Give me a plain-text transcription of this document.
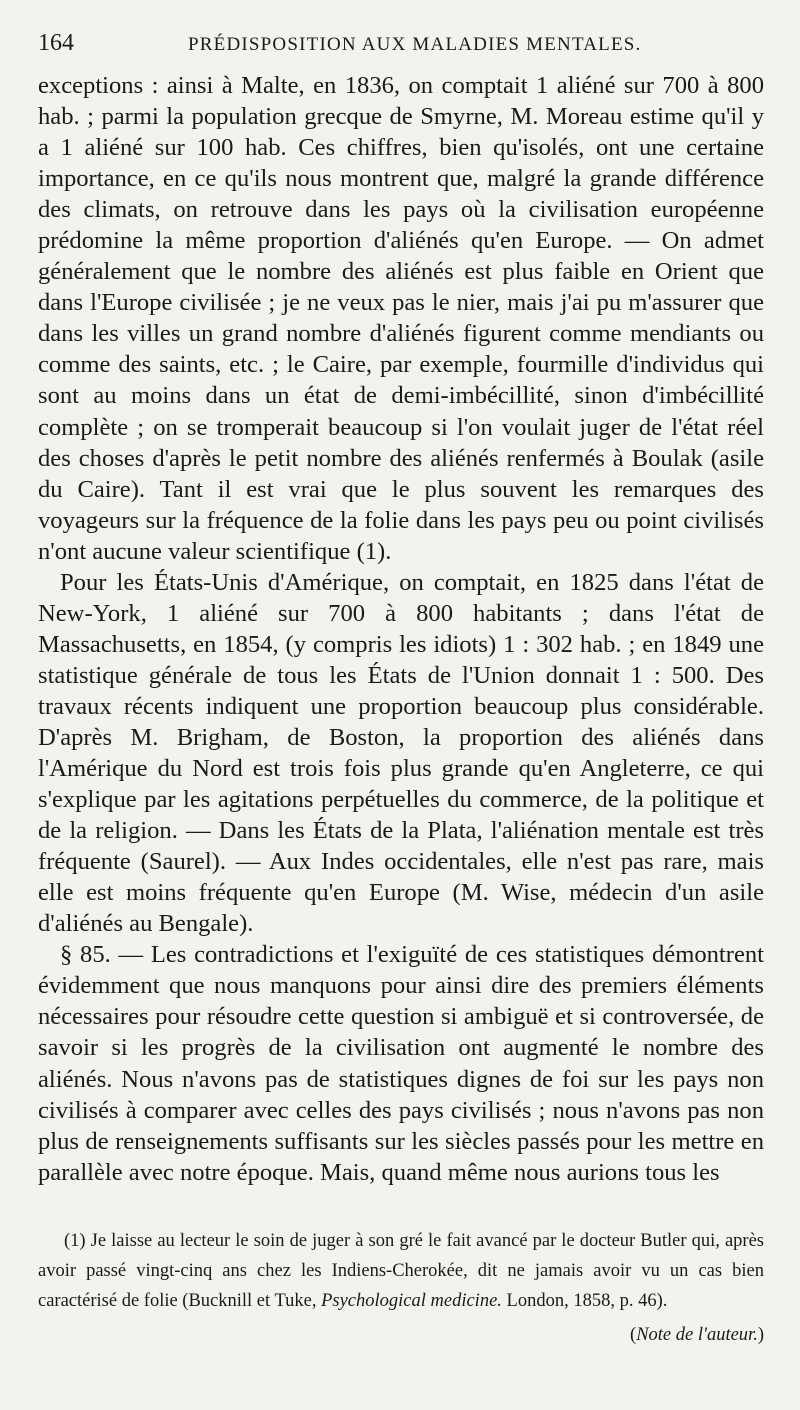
164	PRÉDISPOSITION AUX MALADIES MENTALES.

exceptions : ainsi à Malte, en 1836, on comptait 1 aliéné sur 700 à 800 hab. ; parmi la population grecque de Smyrne, M. Moreau estime qu'il y a 1 aliéné sur 100 hab. Ces chiffres, bien qu'isolés, ont une certaine importance, en ce qu'ils nous montrent que, malgré la grande différence des climats, on retrouve dans les pays où la civilisation européenne prédomine la même proportion d'aliénés qu'en Europe. — On admet généralement que le nombre des aliénés est plus faible en Orient que dans l'Europe civilisée ; je ne veux pas le nier, mais j'ai pu m'assurer que dans les villes un grand nombre d'aliénés figurent comme mendiants ou comme des saints, etc. ; le Caire, par exemple, fourmille d'individus qui sont au moins dans un état de demi-imbécillité, sinon d'imbécillité complète ; on se tromperait beaucoup si l'on voulait juger de l'état réel des choses d'après le petit nombre des aliénés renfermés à Boulak (asile du Caire). Tant il est vrai que le plus souvent les remarques des voyageurs sur la fréquence de la folie dans les pays peu ou point civilisés n'ont aucune valeur scientifique (1).

Pour les États-Unis d'Amérique, on comptait, en 1825 dans l'état de New-York, 1 aliéné sur 700 à 800 habitants ; dans l'état de Massachusetts, en 1854, (y compris les idiots) 1 : 302 hab. ; en 1849 une statistique générale de tous les États de l'Union donnait 1 : 500. Des travaux récents indiquent une proportion beaucoup plus considérable. D'après M. Brigham, de Boston, la proportion des aliénés dans l'Amérique du Nord est trois fois plus grande qu'en Angleterre, ce qui s'explique par les agitations perpétuelles du commerce, de la politique et de la religion. — Dans les États de la Plata, l'aliénation mentale est très fréquente (Saurel). — Aux Indes occidentales, elle n'est pas rare, mais elle est moins fréquente qu'en Europe (M. Wise, médecin d'un asile d'aliénés au Bengale).

§ 85. — Les contradictions et l'exiguïté de ces statistiques démontrent évidemment que nous manquons pour ainsi dire des premiers éléments nécessaires pour résoudre cette question si ambiguë et si controversée, de savoir si les progrès de la civilisation ont augmenté le nombre des aliénés. Nous n'avons pas de statistiques dignes de foi sur les pays non civilisés à comparer avec celles des pays civilisés ; nous n'avons pas non plus de renseignements suffisants sur les siècles passés pour les mettre en parallèle avec notre époque. Mais, quand même nous aurions tous les

(1) Je laisse au lecteur le soin de juger à son gré le fait avancé par le docteur Butler qui, après avoir passé vingt-cinq ans chez les Indiens-Cherokée, dit ne jamais avoir vu un cas bien caractérisé de folie (Bucknill et Tuke, Psychological medicine. London, 1858, p. 46).

(Note de l'auteur.)
